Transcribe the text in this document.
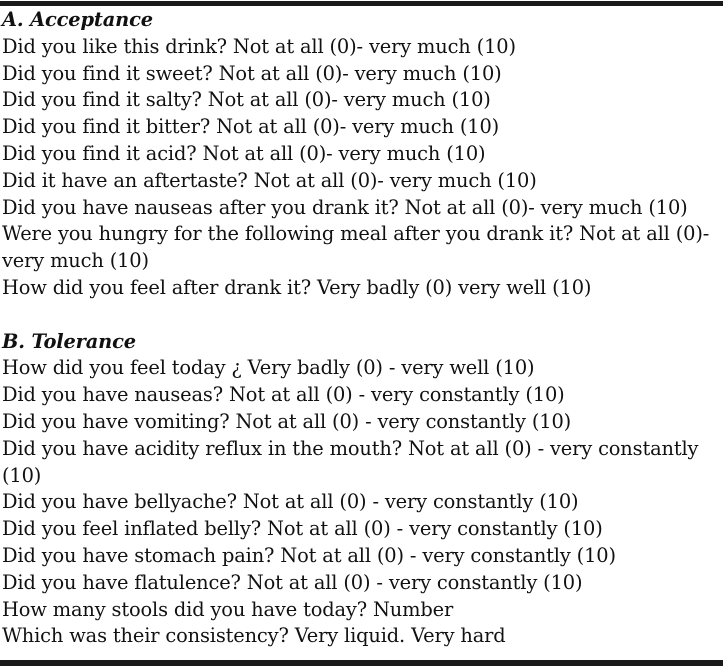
A. Acceptance
Did you like this drink? Not at all (0)- very much (10)
Did you find it sweet? Not at all (0)- very much (10)
Did you find it salty? Not at all (0)- very much (10)
Did you find it bitter? Not at all (0)- very much (10)
Did you find it acid? Not at all (0)- very much (10)
Did it have an aftertaste? Not at all (0)- very much (10)
Did you have nauseas after you drank it? Not at all (0)- very much (10)
Were you hungry for the following meal after you drank it? Not at all (0)- very much (10)
How did you feel after drank it? Very badly (0) very well (10)
B. Tolerance
How did you feel today ¿ Very badly (0) - very well (10)
Did you have nauseas? Not at all (0) - very constantly (10)
Did you have vomiting? Not at all (0) - very constantly (10)
Did you have acidity reflux in the mouth? Not at all (0) - very constantly (10)
Did you have bellyache? Not at all (0) - very constantly (10)
Did you feel inflated belly? Not at all (0) - very constantly (10)
Did you have stomach pain? Not at all (0) - very constantly (10)
Did you have flatulence? Not at all (0) - very constantly (10)
How many stools did you have today? Number
Which was their consistency? Very liquid. Very hard
